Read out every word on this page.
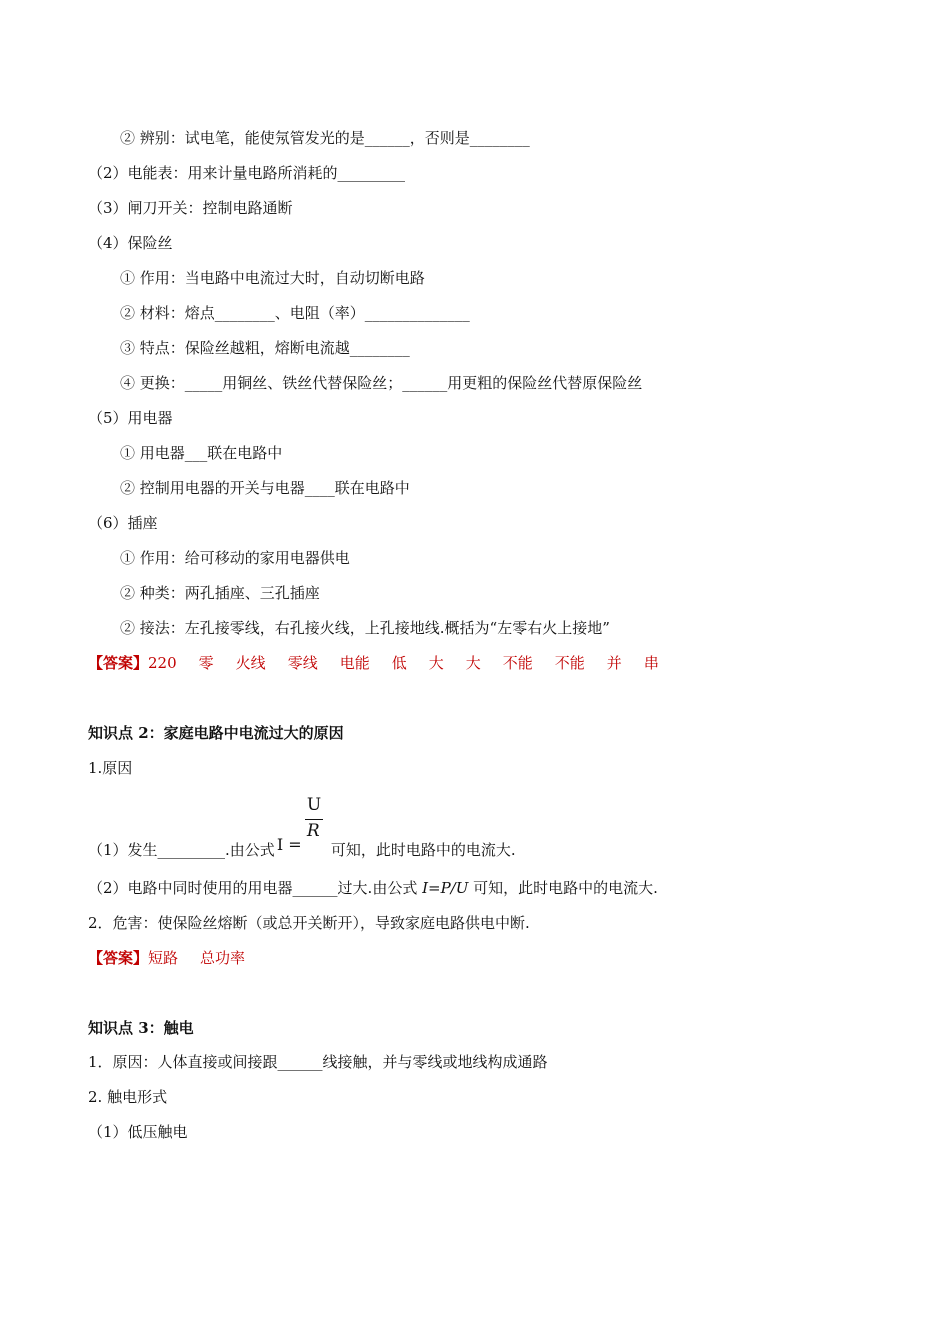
② 辨别：试电笔，能使氖管发光的是______，否则是________
（2）电能表：用来计量电路所消耗的_________
（3）闸刀开关：控制电路通断
（4）保险丝
① 作用：当电路中电流过大时，自动切断电路
② 材料：熔点________、电阻（率）______________
③ 特点：保险丝越粗，熔断电流越________
④ 更换：_____用铜丝、铁丝代替保险丝；______用更粗的保险丝代替原保险丝
（5）用电器
① 用电器___联在电路中
② 控制用电器的开关与电器____联在电路中
（6）插座
① 作用：给可移动的家用电器供电
② 种类：两孔插座、三孔插座
② 接法：左孔接零线，右孔接火线，上孔接地线.概括为“左零右火上接地”
【答案】220 零 火线 零线 电能 低 大 大 不能 不能 并 串
知识点 2：家庭电路中电流过大的原因
1.原因
（1）发生_________.由公式 I =
U
R
可知，此时电路中的电流大.
（2）电路中同时使用的用电器______过大.由公式 I=P/U 可知，此时电路中的电流大.
2．危害：使保险丝熔断（或总开关断开），导致家庭电路供电中断.
【答案】短路 总功率
知识点 3：触电
1．原因：人体直接或间接跟______线接触，并与零线或地线构成通路
2. 触电形式
（1）低压触电
